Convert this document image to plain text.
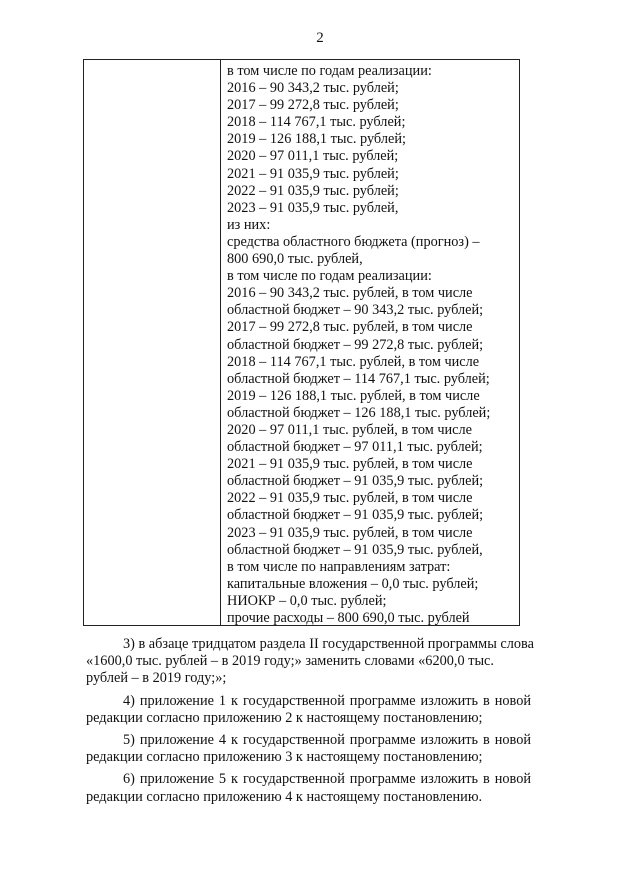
2
в том числе по годам реализации:
2016 – 90 343,2 тыс. рублей;
2017 – 99 272,8 тыс. рублей;
2018 – 114 767,1 тыс. рублей;
2019 – 126 188,1 тыс. рублей;
2020 – 97 011,1 тыс. рублей;
2021 – 91 035,9 тыс. рублей;
2022 – 91 035,9 тыс. рублей;
2023 – 91 035,9 тыс. рублей,
из них:
средства областного бюджета (прогноз) –
800 690,0 тыс. рублей,
в том числе по годам реализации:
2016 – 90 343,2 тыс. рублей, в том числе
областной бюджет – 90 343,2 тыс. рублей;
2017 – 99 272,8 тыс. рублей, в том числе
областной бюджет – 99 272,8 тыс. рублей;
2018 – 114 767,1 тыс. рублей, в том числе
областной бюджет – 114 767,1 тыс. рублей;
2019 – 126 188,1 тыс. рублей, в том числе
областной бюджет – 126 188,1 тыс. рублей;
2020 – 97 011,1 тыс. рублей, в том числе
областной бюджет – 97 011,1 тыс. рублей;
2021 – 91 035,9 тыс. рублей, в том числе
областной бюджет – 91 035,9 тыс. рублей;
2022 – 91 035,9 тыс. рублей, в том числе
областной бюджет – 91 035,9 тыс. рублей;
2023 – 91 035,9 тыс. рублей, в том числе
областной бюджет – 91 035,9 тыс. рублей,
в том числе по направлениям затрат:
капитальные вложения – 0,0 тыс. рублей;
НИОКР – 0,0 тыс. рублей;
прочие расходы – 800 690,0 тыс. рублей
3) в абзаце тридцатом раздела II государственной программы слова
«1600,0 тыс. рублей – в 2019 году;» заменить словами «6200,0 тыс. рублей – в 2019 году;»;
4) приложение 1 к государственной программе изложить в новой
редакции согласно приложению 2 к настоящему постановлению;
5) приложение 4 к государственной программе изложить в новой
редакции согласно приложению 3 к настоящему постановлению;
6) приложение 5 к государственной программе изложить в новой
редакции согласно приложению 4 к настоящему постановлению.
